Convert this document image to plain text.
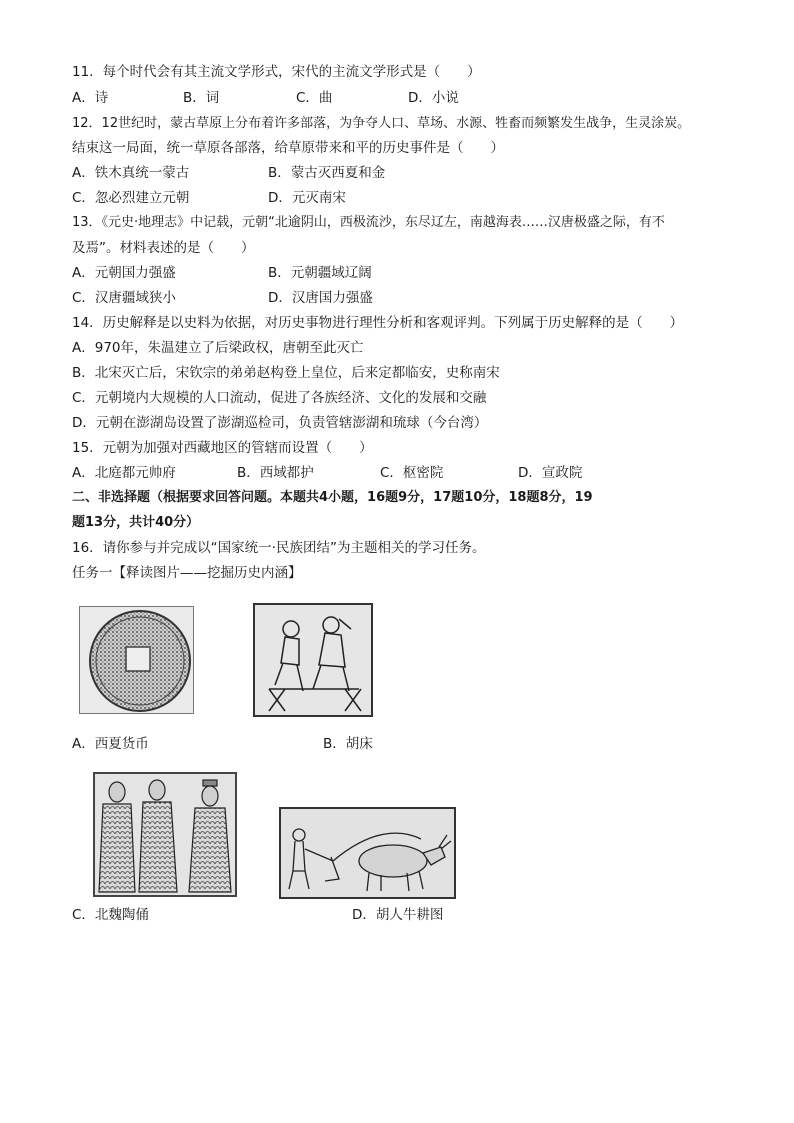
11．每个时代会有其主流文学形式，宋代的主流文学形式是（　　）
A．诗	B．词	C．曲	D．小说
12．12世纪时，蒙古草原上分布着许多部落，为争夺人口、草场、水源、牲畜而频繁发生战争，生灵涂炭。
结束这一局面，统一草原各部落，给草原带来和平的历史事件是（　　）
A．铁木真统一蒙古	B．蒙古灭西夏和金
C．忽必烈建立元朝	D．元灭南宋
13．《元史·地理志》中记载，元朝“北逾阴山，西极流沙，东尽辽左，南越海表……汉唐极盛之际，有不
及焉”。材料表述的是（　　）
A．元朝国力强盛	B．元朝疆域辽阔
C．汉唐疆域狭小	D．汉唐国力强盛
14．历史解释是以史料为依据，对历史事物进行理性分析和客观评判。下列属于历史解释的是（　　）
A．970年，朱温建立了后梁政权，唐朝至此灭亡
B．北宋灭亡后，宋钦宗的弟弟赵构登上皇位，后来定都临安，史称南宋
C．元朝境内大规模的人口流动，促进了各族经济、文化的发展和交融
D．元朝在澎湖岛设置了澎湖巡检司，负责管辖澎湖和琉球（今台湾）
15．元朝为加强对西藏地区的管辖而设置（　　）
A．北庭都元帅府	B．西域都护	C．枢密院	D．宣政院
二、非选择题（根据要求回答问题。本题共4小题，16题9分，17题10分，18题8分，19
题13分，共计40分）
16．请你参与并完成以“国家统一·民族团结”为主题相关的学习任务。
任务一【释读图片——挖掘历史内涵】
A．西夏货币	B．胡床
C．北魏陶俑	D．胡人牛耕图
